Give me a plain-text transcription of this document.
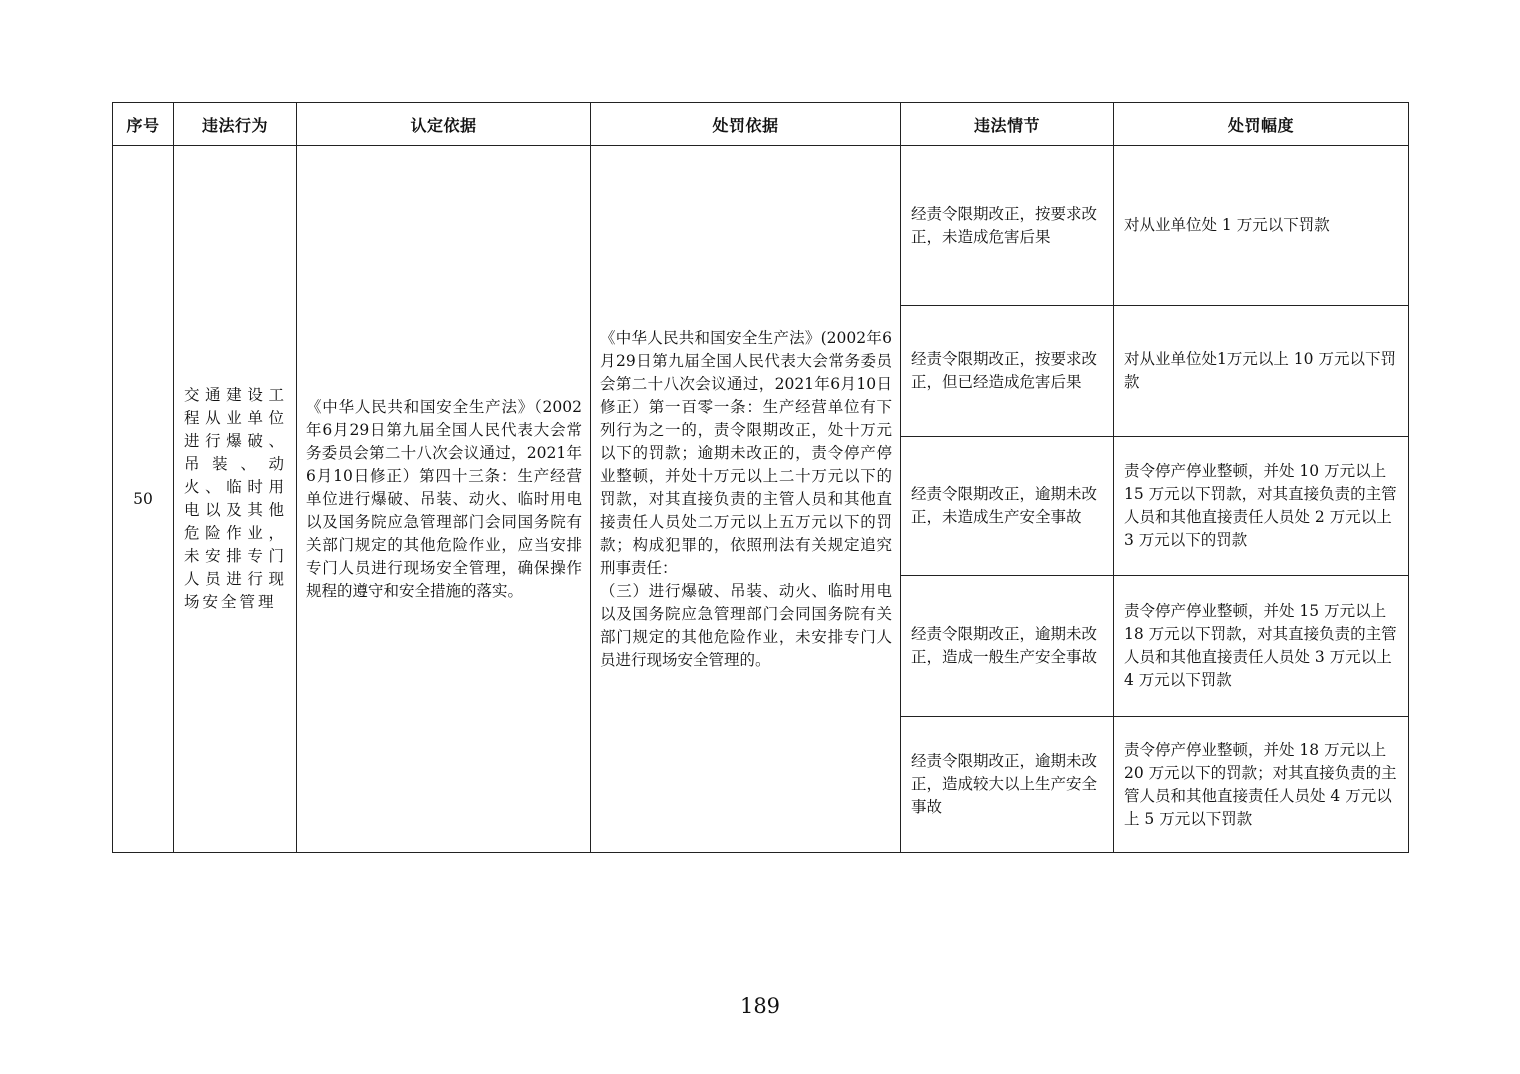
序号	违法行为	认定依据	处罚依据	违法情节	处罚幅度
50	交通建设工程从业单位进行爆破、吊装、动火、临时用电以及其他危险作业，未安排专门人员进行现场安全管理	《中华人民共和国安全生产法》（2002年6月29日第九届全国人民代表大会常务委员会第二十八次会议通过，2021年6月10日修正）第四十三条：生产经营单位进行爆破、吊装、动火、临时用电以及国务院应急管理部门会同国务院有关部门规定的其他危险作业，应当安排专门人员进行现场安全管理，确保操作规程的遵守和安全措施的落实。	《中华人民共和国安全生产法》(2002年6月29日第九届全国人民代表大会常务委员会第二十八次会议通过，2021年6月10日修正）第一百零一条：生产经营单位有下列行为之一的，责令限期改正，处十万元以下的罚款；逾期未改正的，责令停产停业整顿，并处十万元以上二十万元以下的罚款，对其直接负责的主管人员和其他直接责任人员处二万元以上五万元以下的罚款；构成犯罪的，依照刑法有关规定追究刑事责任：
（三）进行爆破、吊装、动火、临时用电以及国务院应急管理部门会同国务院有关部门规定的其他危险作业，未安排专门人员进行现场安全管理的。	经责令限期改正，按要求改正，未造成危害后果	对从业单位处 1 万元以下罚款

				经责令限期改正，按要求改正，但已经造成危害后果	对从业单位处1万元以上 10 万元以下罚款

				经责令限期改正，逾期未改正，未造成生产安全事故	责令停产停业整顿，并处 10 万元以上 15 万元以下罚款，对其直接负责的主管人员和其他直接责任人员处 2 万元以上 3 万元以下的罚款

				经责令限期改正，逾期未改正，造成一般生产安全事故	责令停产停业整顿，并处 15 万元以上 18 万元以下罚款，对其直接负责的主管人员和其他直接责任人员处 3 万元以上 4 万元以下罚款

				经责令限期改正，逾期未改正，造成较大以上生产安全事故	责令停产停业整顿，并处 18 万元以上 20 万元以下的罚款；对其直接负责的主管人员和其他直接责任人员处 4 万元以上 5 万元以下罚款
189
